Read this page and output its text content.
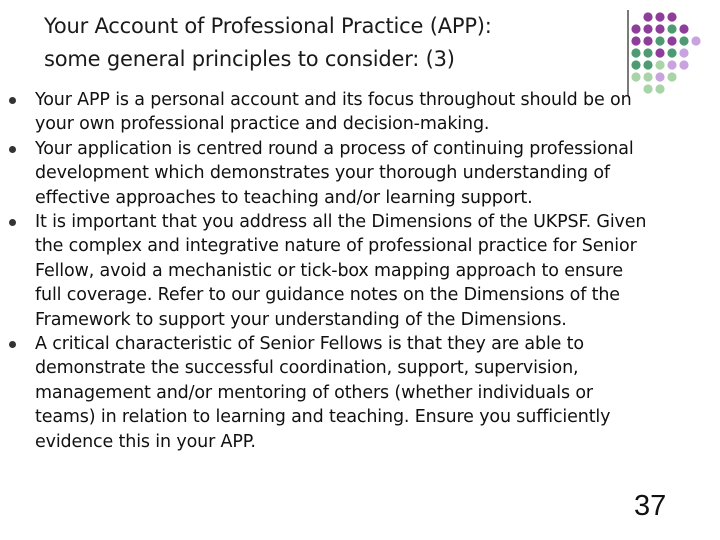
Your Account of Professional Practice (APP):
some general principles to consider: (3)
Your APP is a personal account and its focus throughout should be on
your own professional practice and decision-making.
Your application is centred round a process of continuing professional
development which demonstrates your thorough understanding of
effective approaches to teaching and/or learning support.
It is important that you address all the Dimensions of the UKPSF. Given
the complex and integrative nature of professional practice for Senior
Fellow, avoid a mechanistic or tick-box mapping approach to ensure
full coverage. Refer to our guidance notes on the Dimensions of the
Framework to support your understanding of the Dimensions.
A critical characteristic of Senior Fellows is that they are able to
demonstrate the successful coordination, support, supervision,
management and/or mentoring of others (whether individuals or
teams) in relation to learning and teaching. Ensure you sufficiently
evidence this in your APP.
37
